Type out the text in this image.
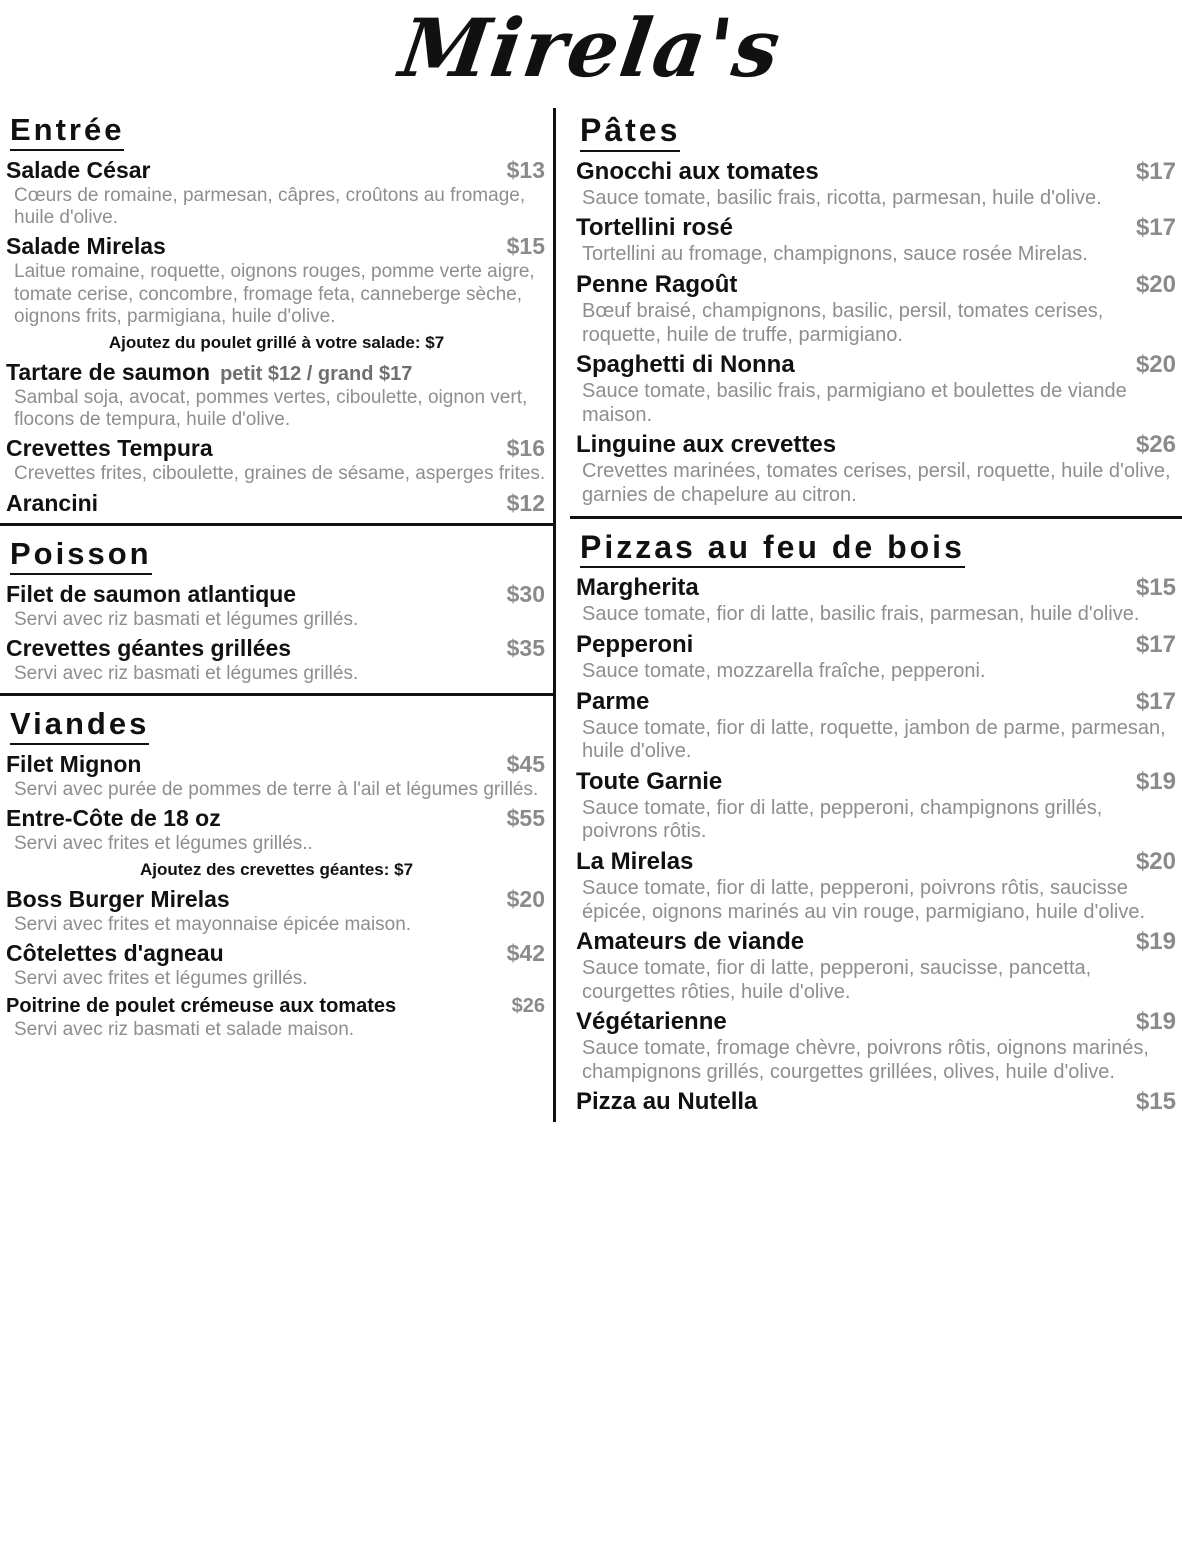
Mirela's
Entrée
Salade César	$13
Cœurs de romaine, parmesan, câpres, croûtons au fromage, huile d'olive.
Salade Mirelas	$15
Laitue romaine, roquette, oignons rouges, pomme verte aigre, tomate cerise, concombre, fromage feta, canneberge sèche, oignons frits, parmigiana, huile d'olive.
Ajoutez du poulet grillé à votre salade: $7
Tartare de saumon petit $12 / grand $17
Sambal soja, avocat, pommes vertes, ciboulette, oignon vert, flocons de tempura, huile d'olive.
Crevettes Tempura	$16
Crevettes frites, ciboulette, graines de sésame, asperges frites.
Arancini	$12
Poisson
Filet de saumon atlantique	$30
Servi avec riz basmati et légumes grillés.
Crevettes géantes grillées	$35
Servi avec riz basmati et légumes grillés.
Viandes
Filet Mignon	$45
Servi avec purée de pommes de terre à l'ail et légumes grillés.
Entre-Côte de 18 oz	$55
Servi avec frites et légumes grillés..
Ajoutez des crevettes géantes: $7
Boss Burger Mirelas	$20
Servi avec frites et mayonnaise épicée maison.
Côtelettes d'agneau	$42
Servi avec frites et légumes grillés.
Poitrine de poulet crémeuse aux tomates	$26
Servi avec riz basmati et salade maison.
Pâtes
Gnocchi aux tomates	$17
Sauce tomate, basilic frais, ricotta, parmesan, huile d'olive.
Tortellini rosé	$17
Tortellini au fromage, champignons, sauce rosée Mirelas.
Penne Ragoût	$20
Bœuf braisé, champignons, basilic, persil, tomates cerises, roquette, huile de truffe, parmigiano.
Spaghetti di Nonna	$20
Sauce tomate, basilic frais, parmigiano et boulettes de viande maison.
Linguine aux crevettes	$26
Crevettes marinées, tomates cerises, persil, roquette, huile d'olive, garnies de chapelure au citron.
Pizzas au feu de bois
Margherita	$15
Sauce tomate, fior di latte, basilic frais, parmesan, huile d'olive.
Pepperoni	$17
Sauce tomate, mozzarella fraîche, pepperoni.
Parme	$17
Sauce tomate, fior di latte, roquette, jambon de parme, parmesan, huile d'olive.
Toute Garnie	$19
Sauce tomate, fior di latte, pepperoni, champignons grillés, poivrons rôtis.
La Mirelas	$20
Sauce tomate, fior di latte, pepperoni, poivrons rôtis, saucisse épicée, oignons marinés au vin rouge, parmigiano, huile d'olive.
Amateurs de viande	$19
Sauce tomate, fior di latte, pepperoni, saucisse, pancetta, courgettes rôties, huile d'olive.
Végétarienne	$19
Sauce tomate, fromage chèvre, poivrons rôtis, oignons marinés, champignons grillés, courgettes grillées, olives, huile d'olive.
Pizza au Nutella	$15
